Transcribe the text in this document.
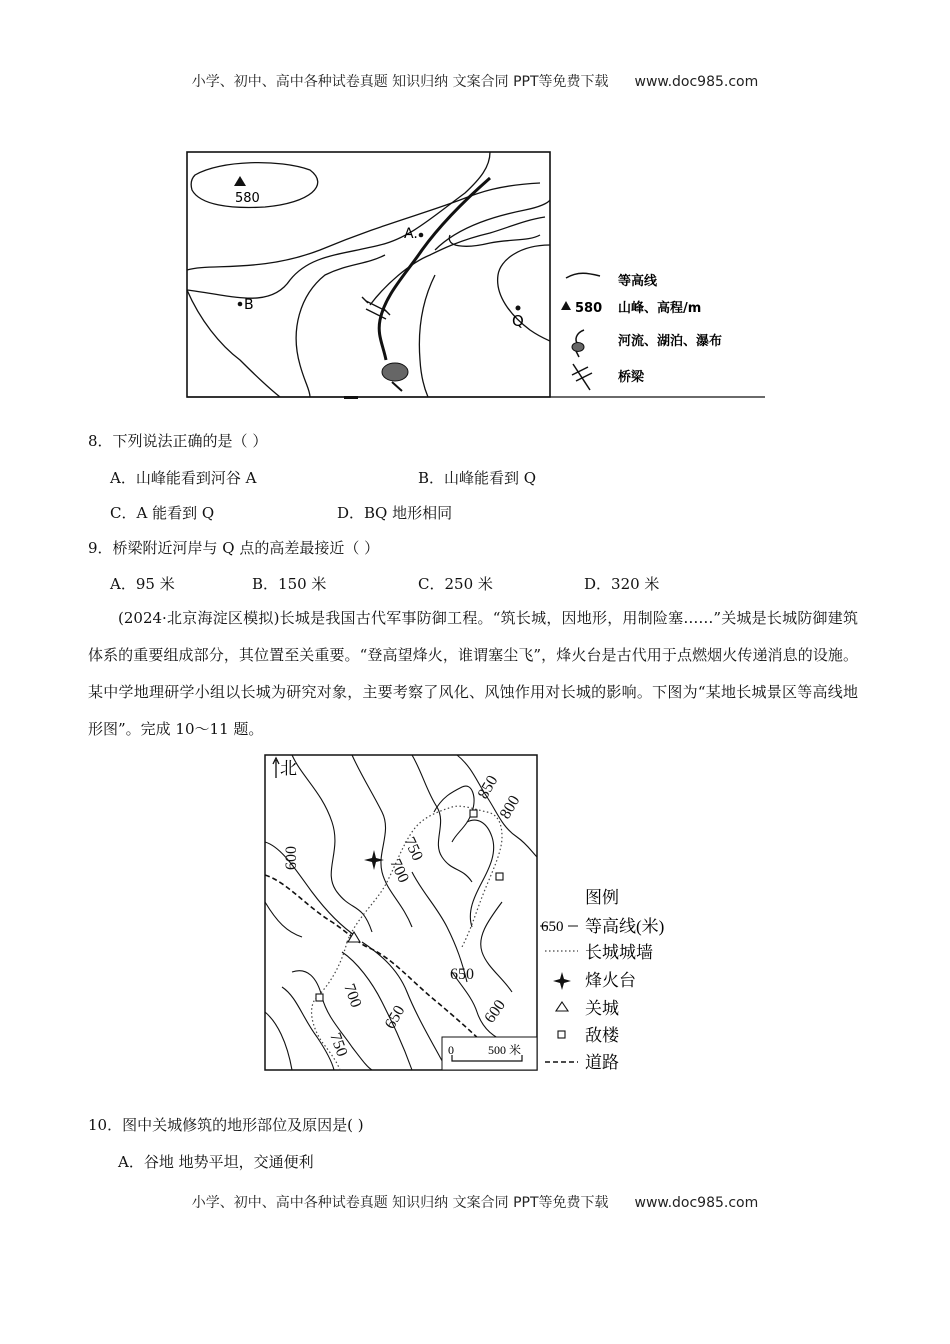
小学、初中、高中各种试卷真题 知识归纳 文案合同 PPT等免费下载 www.doc985.com
580
A.
B
Q
等高线
580 山峰、高程/m
河流、湖泊、瀑布
桥梁
8．下列说法正确的是（ ）
A．山峰能看到河谷 A	B．山峰能看到 Q
C．A 能看到 Q	D．BQ 地形相同
9．桥梁附近河岸与 Q 点的高差最接近（ ）
A．95 米	B．150 米	C．250 米	D．320 米
(2024·北京海淀区模拟)长城是我国古代军事防御工程。“筑长城，因地形，用制险塞……”关城是长城防御建筑体系的重要组成部分，其位置至关重要。“登高望烽火，谁谓塞尘飞”，烽火台是古代用于点燃烟火传递消息的设施。某中学地理研学小组以长城为研究对象，主要考察了风化、风蚀作用对长城的影响。下图为“某地长城景区等高线地形图”。完成 10～11 题。
北
850
800
750
700
600
650
600
700
650
750	0	500 米
图例
650 等高线(米)
长城城墙
烽火台
关城
敌楼
道路
10．图中关城修筑的地形部位及原因是( )
A．谷地 地势平坦，交通便利
小学、初中、高中各种试卷真题 知识归纳 文案合同 PPT等免费下载 www.doc985.com
